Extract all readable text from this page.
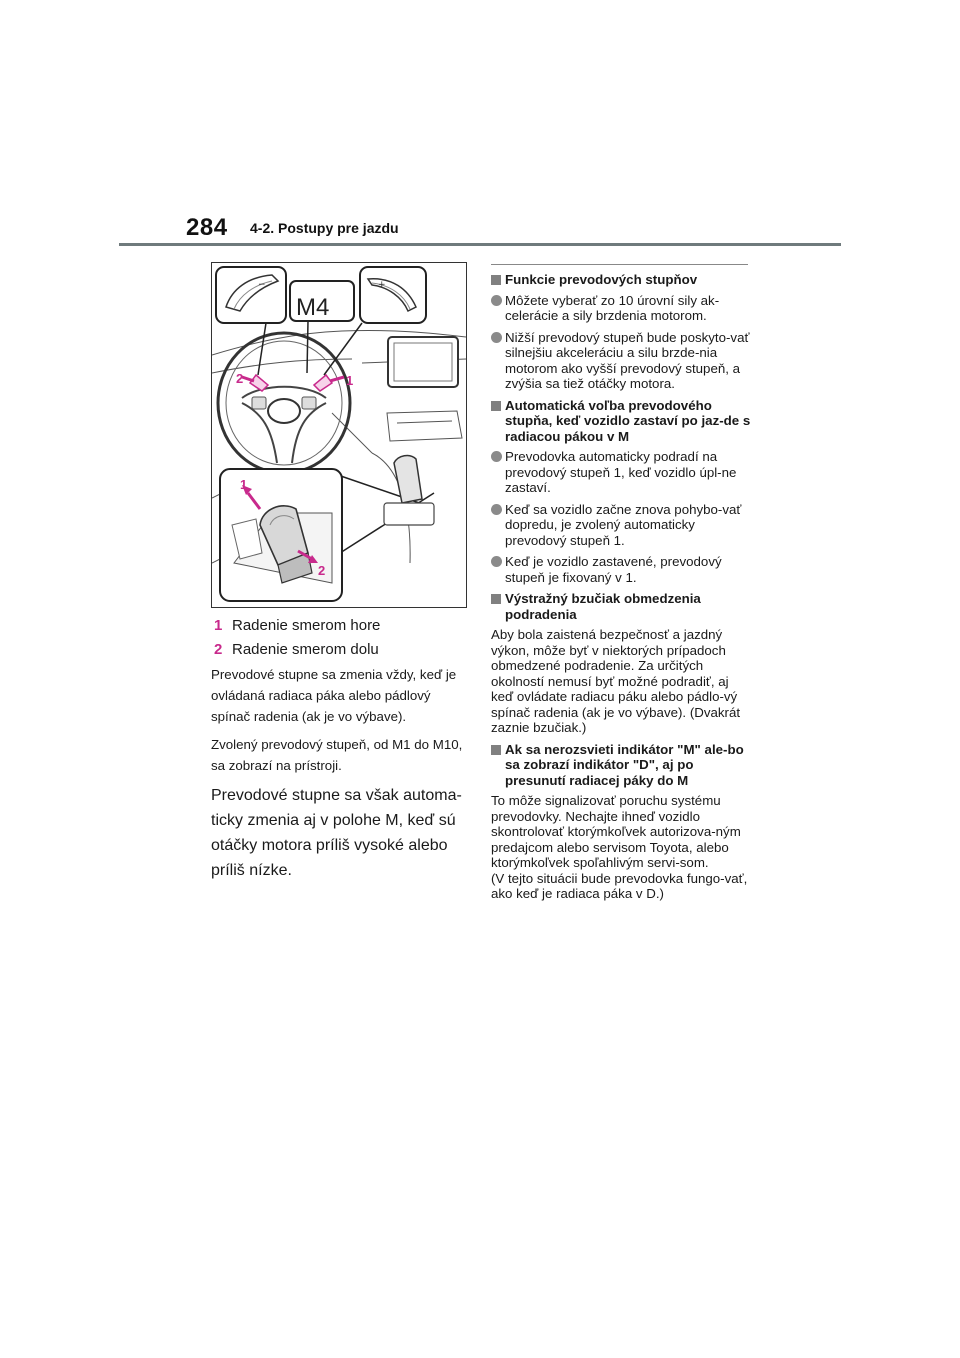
284 4-2. Postupy pre jazdu
−
M4
+
2	1
1
2
1 Radenie smerom hore
2 Radenie smerom dolu

Prevodové stupne sa zmenia vždy, keď je ovládaná radiaca páka alebo pádlový spínač radenia (ak je vo výbave).

Zvolený prevodový stupeň, od M1 do M10, sa zobrazí na prístroji.

Prevodové stupne sa však automa-ticky zmenia aj v polohe M, keď sú otáčky motora príliš vysoké alebo príliš nízke.

Funkcie prevodových stupňov
Môžete vyberať zo 10 úrovní sily ak-celerácie a sily brzdenia motorom.
Nižší prevodový stupeň bude poskyto-vať silnejšiu akceleráciu a silu brzde-nia motorom ako vyšší prevodový stupeň, a zvýšia sa tiež otáčky motora.
Automatická voľba prevodového stupňa, keď vozidlo zastaví po jaz-de s radiacou pákou v M
Prevodovka automaticky podradí na prevodový stupeň 1, keď vozidlo úpl-ne zastaví.
Keď sa vozidlo začne znova pohybo-vať dopredu, je zvolený automaticky prevodový stupeň 1.
Keď je vozidlo zastavené, prevodový stupeň je fixovaný v 1.
Výstražný bzučiak obmedzenia podradenia
Aby bola zaistená bezpečnosť a jazdný výkon, môže byť v niektorých prípadoch obmedzené podradenie. Za určitých okolností nemusí byť možné podradiť, aj keď ovládate radiacu páku alebo pádlo-vý spínač radenia (ak je vo výbave). (Dvakrát zaznie bzučiak.)
Ak sa nerozsvieti indikátor "M" ale-bo sa zobrazí indikátor "D", aj po presunutí radiacej páky do M
To môže signalizovať poruchu systému prevodovky. Nechajte ihneď vozidlo skontrolovať ktorýmkoľvek autorizova-ným predajcom alebo servisom Toyota, alebo ktorýmkoľvek spoľahlivým servi-som.
(V tejto situácii bude prevodovka fungo-vať, ako keď je radiaca páka v D.)
